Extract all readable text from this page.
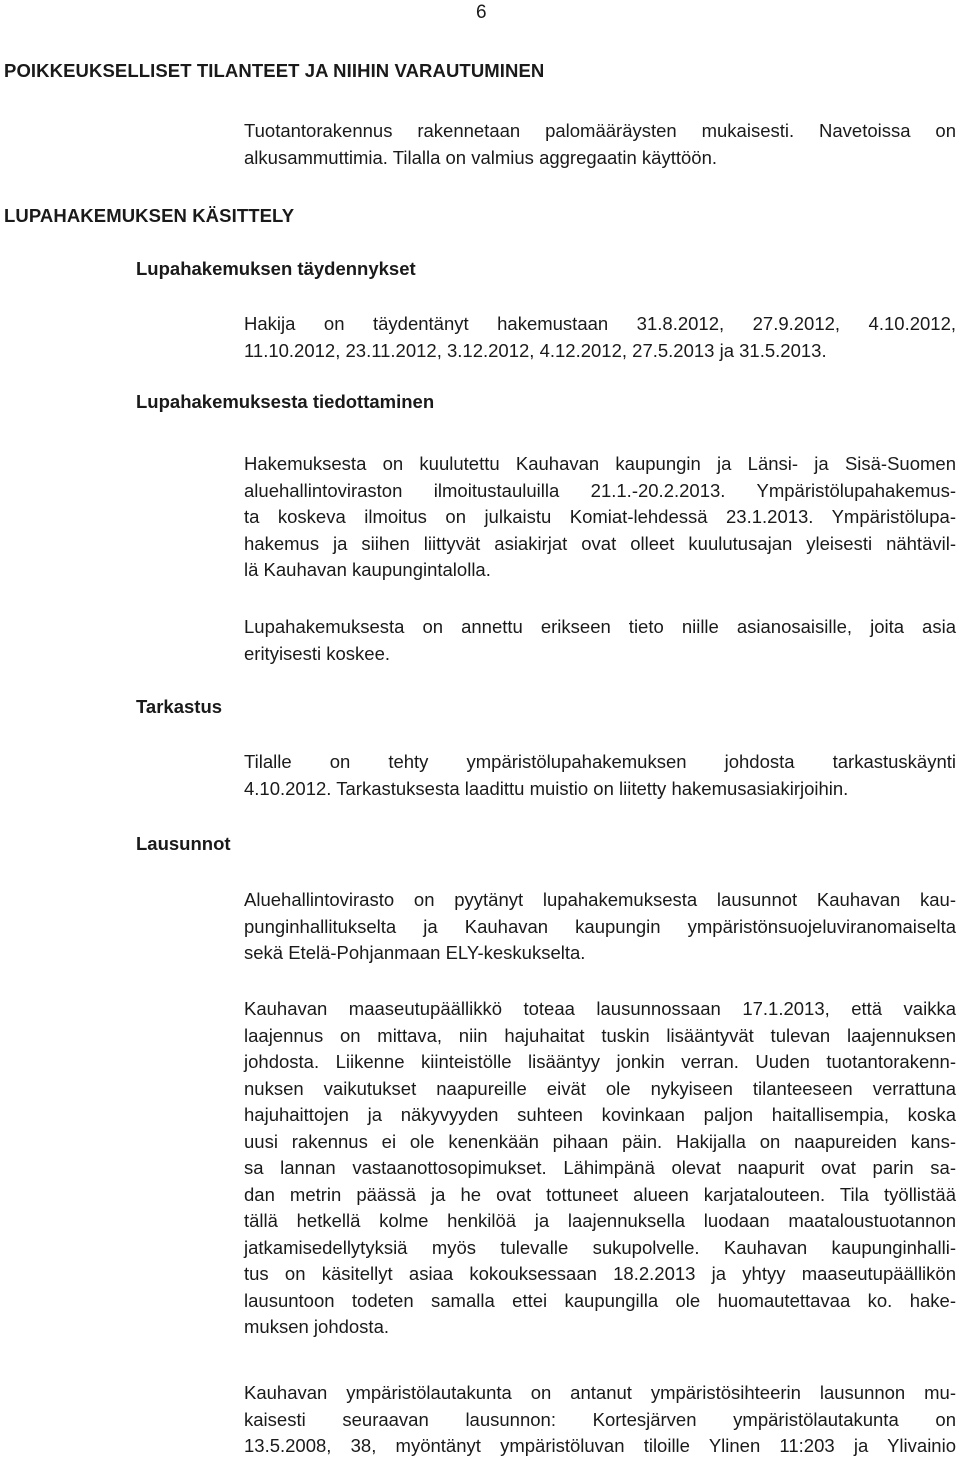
6
POIKKEUKSELLISET TILANTEET JA NIIHIN VARAUTUMINEN
Tuotantorakennus rakennetaan palomääräysten mukaisesti. Navetoissa on
alkusammuttimia. Tilalla on valmius aggregaatin käyttöön.
LUPAHAKEMUKSEN KÄSITTELY
Lupahakemuksen täydennykset
Hakija on täydentänyt hakemustaan 31.8.2012, 27.9.2012, 4.10.2012,
11.10.2012, 23.11.2012, 3.12.2012, 4.12.2012, 27.5.2013 ja 31.5.2013.
Lupahakemuksesta tiedottaminen
Hakemuksesta on kuulutettu Kauhavan kaupungin ja Länsi- ja Sisä-Suomen
aluehallintoviraston ilmoitustauluilla 21.1.-20.2.2013. Ympäristölupahakemus-
ta koskeva ilmoitus on julkaistu Komiat-lehdessä 23.1.2013. Ympäristölupa-
hakemus ja siihen liittyvät asiakirjat ovat olleet kuulutusajan yleisesti nähtävil-
lä Kauhavan kaupungintalolla.
Lupahakemuksesta on annettu erikseen tieto niille asianosaisille, joita asia
erityisesti koskee.
Tarkastus
Tilalle on tehty ympäristölupahakemuksen johdosta tarkastuskäynti
4.10.2012. Tarkastuksesta laadittu muistio on liitetty hakemusasiakirjoihin.
Lausunnot
Aluehallintovirasto on pyytänyt lupahakemuksesta lausunnot Kauhavan kau-
punginhallitukselta ja Kauhavan kaupungin ympäristönsuojeluviranomaiselta
sekä Etelä-Pohjanmaan ELY-keskukselta.
Kauhavan maaseutupäällikkö toteaa lausunnossaan 17.1.2013, että vaikka
laajennus on mittava, niin hajuhaitat tuskin lisääntyvät tulevan laajennuksen
johdosta. Liikenne kiinteistölle lisääntyy jonkin verran. Uuden tuotantorakenn-
nuksen vaikutukset naapureille eivät ole nykyiseen tilanteeseen verrattuna
hajuhaittojen ja näkyvyyden suhteen kovinkaan paljon haitallisempia, koska
uusi rakennus ei ole kenenkään pihaan päin. Hakijalla on naapureiden kans-
sa lannan vastaanottosopimukset. Lähimpänä olevat naapurit ovat parin sa-
dan metrin päässä ja he ovat tottuneet alueen karjatalouteen. Tila työllistää
tällä hetkellä kolme henkilöä ja laajennuksella luodaan maataloustuotannon
jatkamisedellytyksiä myös tulevalle sukupolvelle. Kauhavan kaupunginhalli-
tus on käsitellyt asiaa kokouksessaan 18.2.2013 ja yhtyy maaseutupäällikön
lausuntoon todeten samalla ettei kaupungilla ole huomautettavaa ko. hake-
muksen johdosta.
Kauhavan ympäristölautakunta on antanut ympäristösihteerin lausunnon mu-
kaisesti seuraavan lausunnon: Kortesjärven ympäristölautakunta on
13.5.2008, 38, myöntänyt ympäristöluvan tiloille Ylinen 11:203 ja Ylivainio
